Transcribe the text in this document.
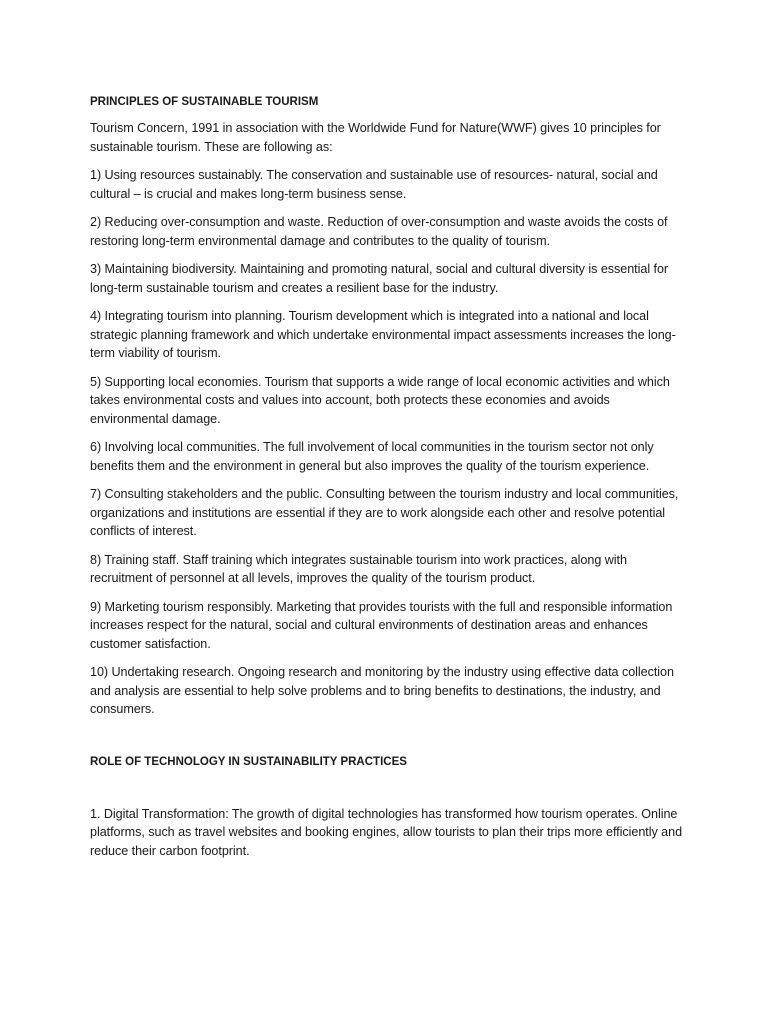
PRINCIPLES OF SUSTAINABLE TOURISM

Tourism Concern, 1991 in association with the Worldwide Fund for Nature(WWF) gives 10 principles for sustainable tourism. These are following as:

1) Using resources sustainably. The conservation and sustainable use of resources- natural, social and cultural – is crucial and makes long-term business sense.

2) Reducing over-consumption and waste. Reduction of over-consumption and waste avoids the costs of restoring long-term environmental damage and contributes to the quality of tourism.

3) Maintaining biodiversity. Maintaining and promoting natural, social and cultural diversity is essential for long-term sustainable tourism and creates a resilient base for the industry.

4) Integrating tourism into planning. Tourism development which is integrated into a national and local strategic planning framework and which undertake environmental impact assessments increases the long-term viability of tourism.

5) Supporting local economies. Tourism that supports a wide range of local economic activities and which takes environmental costs and values into account, both protects these economies and avoids environmental damage.

6) Involving local communities. The full involvement of local communities in the tourism sector not only benefits them and the environment in general but also improves the quality of the tourism experience.

7) Consulting stakeholders and the public. Consulting between the tourism industry and local communities, organizations and institutions are essential if they are to work alongside each other and resolve potential conflicts of interest.

8) Training staff. Staff training which integrates sustainable tourism into work practices, along with recruitment of personnel at all levels, improves the quality of the tourism product.

9) Marketing tourism responsibly. Marketing that provides tourists with the full and responsible information increases respect for the natural, social and cultural environments of destination areas and enhances customer satisfaction.

10) Undertaking research. Ongoing research and monitoring by the industry using effective data collection and analysis are essential to help solve problems and to bring benefits to destinations, the industry, and consumers.

ROLE OF TECHNOLOGY IN SUSTAINABILITY PRACTICES

1. Digital Transformation: The growth of digital technologies has transformed how tourism operates. Online platforms, such as travel websites and booking engines, allow tourists to plan their trips more efficiently and reduce their carbon footprint.
